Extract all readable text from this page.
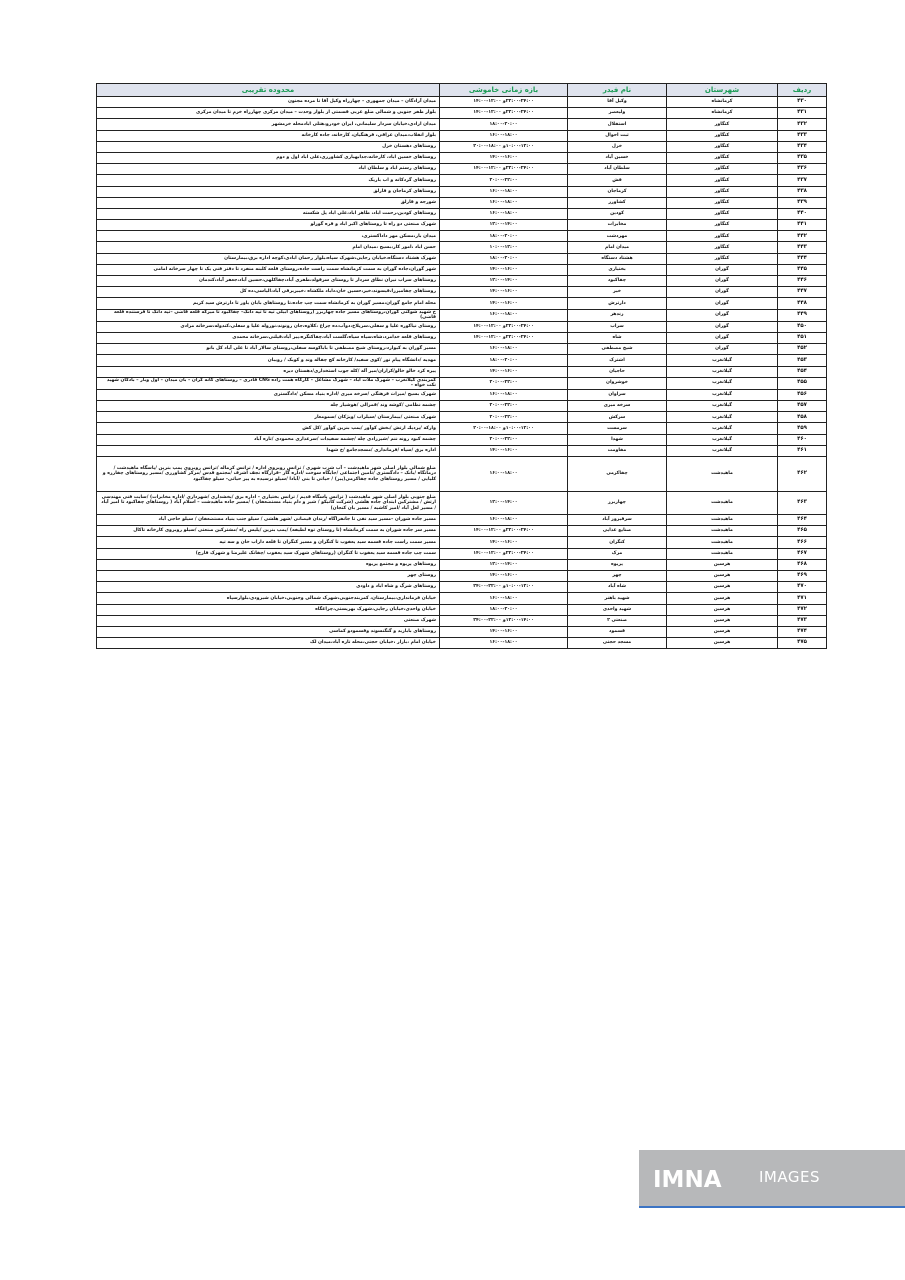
ردیف	شهرستان	نام فیدر	بازه زمانی خاموشی	محدوده تقریبی
۴۳۰	کرمانشاه	وکیل آقا	۲۲:۰۰-۲۴:۰۰و ۱۲:۰۰-۱۴:۰۰	میدان آزادگان – میدان جمهوری – چهارراه وکیل آقا تا مرده مجنون
۴۳۱	کرمانشاه	ولیعصر	۲۲:۰۰-۲۴:۰۰و ۱۲:۰۰-۱۴:۰۰	بلوار ظفر جنوبی و شمالی ضلع غربی قسمتی از بلوار وحدت – میدان مرکزی چهارراه خرم تا میدان مرکزی
۴۳۲	کنگاور	استقلال	۱۸:۰۰-۲۰:۰۰	میدان ازادی،خیابان سردار سلیمانی، ایران خودرو،هتلی ابادمحله خرمشهر
۴۳۳	کنگاور	ثبت احوال	۱۶:۰۰-۱۸:۰۰	بلوار انقلاب،میدان عراقی، فرهنگیان، کارخانه، جاده کارخانه
۴۳۴	کنگاور	خزل	۱۰:۰۰-۱۲:۰۰و ۱۸:۰۰-۲۰:۰۰	روستاهای دهستان خزل
۴۳۵	کنگاور	خسین آباد	۱۴:۰۰-۱۶:۰۰	روستاهای خسین اباد، کارخانه،جدابهیاری کشاورزی،علی اباد اول و دوم
۴۳۶	کنگاور	سلطان آباد	۲۲:۰۰-۲۴:۰۰و ۱۲:۰۰-۱۴:۰۰	روستاهای رستم اباد و سلطان اباد
۴۳۷	کنگاور	فش	۲۰:۰۰-۲۲:۰۰	روستاهای گردکانه و اب باریک
۴۳۸	کنگاور	کرماجان	۱۶:۰۰-۱۸:۰۰	روستاهای کرماجان و قارلق
۴۳۹	کنگاور	کشاورز	۱۶:۰۰-۱۸:۰۰	شورجه و قارلق
۴۴۰	کنگاور	کودین	۱۶:۰۰-۱۸:۰۰	روستاهای کودین،رحمت اباد، طاهر اباد،علی اباد پل شکسته
۴۴۱	کنگاور	مخابرات	۱۲:۰۰-۱۴:۰۰	شهرک صنعتی دو راه تا روستاهای اکبر اباد و قره گوزلو
۴۴۲	کنگاور	مهردشت	۱۸:۰۰-۲۰:۰۰	میدان بار،مسکن مهر داداکستری،
۴۴۳	کنگاور	میدان امام	۱۰:۰۰-۱۲:۰۰	حسن اباد ،امور کار،بسیج ،میدان امام
۴۴۴	کنگاور	هشتاد دستگاه	۱۸:۰۰-۲۰:۰۰	شهرک هشتاد دستگاه،خیابان رجایی،شهرک سپاه،بلوار رحمان ابادی،کوچه اداره برق،بیمارستان
۴۴۵	گوران	بختیاری	۱۴:۰۰-۱۶:۰۰	شهر گوران،جاده گوران به سمت کرمانشاه سمت راست جاده،روستای قلعه کلبنه منفرد تا دفتر فنی یک تا چهار سرخانه امامی
۴۴۶	گوران	چقاکبود	۱۲:۰۰-۱۴:۰۰	روستاهای سراب نیران نطاق سردار تا روستای سرفولد،طفری آباد،چقاکلهی،حسین آباد،جعفر آباد،کندمان
۴۴۷	گوران	خیر	۱۴:۰۰-۱۶:۰۰	روستاهای چقامیرزا،قیسوند،خیر،حسین خان،داباد ملکشاه ،خیبربرقی آباد،الیاسی،ده کل
۴۴۸	گوران	دارترش	۱۴:۰۰-۱۶:۰۰	محله امام جامع گوران،مسیر گوران به کرمانشاه سمت چپ جاده،تا روستاهای بابان یاور تا دارترش سید کریم
۴۴۹	گوران	زندهر	۱۶:۰۰-۱۸:۰۰	خ شهید شوکتی گوران،روستاهای مسیر جاده چهاربرز (روستاهای ابیلی تپه تا تپه دانگ– چقاکبود تا میرکه قلعه قاضی –تپه دانگ تا فرستنده قلعه قاضی)
۴۵۰	گوران	سراب	۲۲:۰۰-۲۴:۰۰و ۱۲:۰۰-۱۴:۰۰	روستای نیاکوره علیا و سفلی،سرپلاخ،دوآب،ده چراغ ،کلاوه،جان رونوند،نوروله علیا و سفلی،کندوله،سرخانه مرادی
۴۵۱	گوران	شاه	۲۲:۰۰-۲۴:۰۰و ۱۲:۰۰-۱۴:۰۰	روستاهای قلعه خدامرد،شاه،سیاه سیاه،گلست آباد،چقاکنگره،پیر آباد،قیلنی،سرخانه محمدی
۴۵۲	گوران	شیخ مصطفی	۱۶:۰۰-۱۸:۰۰	مسیر گوران به کیوارد،روستای شیخ مصطفی تا باباکوسه سفلی،روستای سالار آباد تا علی آباد کل بانو
۴۵۳	گیلانغرب	اشترک	۱۸:۰۰-۲۰:۰۰	مهدیه /دانشگاه پیام نور /کوی سفید/ کارخانه کچ چقاله وند و کوبک / رویبان
۴۵۴	گیلانغرب	حاجیان	۱۴:۰۰-۱۶:۰۰	پیره کرد خالو خالو/کرازان/میر آله /کله جوب استخداری/دهستان دیره
۴۵۵	گیلانغرب	خوشروان	۲۰:۰۰-۲۲:۰۰	کمربندی گیلانغرب – شهرک ملات آباد – شهرک مشاغل – کارگاه همت زاده CNG قادری – روستاهای کانه کران – بان میدان – اول وبار – بادگان شهید نکت خواه –
۴۵۶	گیلانغرب	سراوان	۱۶:۰۰-۱۸:۰۰	شهرک بسیج /میراث فرهنگی /سرخه میری /اداره بنیاد مسکن /دادگستری
۴۵۷	گیلانغرب	سرخه میری	۲۰:۰۰-۲۲:۰۰	چشمه نظامی /کوشه وند /قمرالی /هوشیار چله
۴۵۸	گیلانغرب	سرکش	۲۰:۰۰-۲۲:۰۰	شهرک صنعتی /بیمارستان /سیلزاب /ویژکان /سمومعار
۴۵۹	گیلانغرب	سرمست	۱۰:۰۰-۱۲:۰۰و ۱۸:۰۰-۲۰:۰۰	واركه /پرديك ارتش /بخش کوآور /پمپ بنزین کوآور /کل کش
۴۶۰	گیلانغرب	شهدا	۲۰:۰۰-۲۲:۰۰	چشمه کبود رونه ننم /شیرزادی چله /چشمه سفیدات /سرعذاری محمودی /تازه آباد
۴۶۱	گیلانغرب	مقاومت	۱۴:۰۰-۱۶:۰۰	اداره برق /سپاه /فرمانداری /مسجدجامع /خ شهدا
۴۶۲	ماهیدشت	چقاکرمی	۱۶:۰۰-۱۸:۰۰	ضلع شمالی بلوار اصلی شهر ماهیدشت – آب شرب شهری / ترانس روبروی اداره / ترانس کرماله /ترانس روبروی پمپ بنزین /پاسگاه ماهیدشت / درمانگاه /بانک – دادگستری /تامین اجتماعی /جایگاه سوخت /اداره گاز –قرارگاه نجف اشرف /مجتمع قدس /مرکز کشاورزی /مسیر روستاهای چقارزه و کلیایی / مسیر روستاهای جاده چقاکرمی(پیر) / حیاتی تا بنی /آبادا /سیلو نرسیده به پیر حیاتی– سیلو چقاکبود
۴۶۳	ماهیدشت	چهاربرز	۱۲:۰۰-۱۴:۰۰	ضلع جنوبی بلوار اصلی شهر ماهیدشت ( ترانس پاسگاه قدیم / ترانس بختیاری – اداره برق /بخشداری /شهرداری /اداره مخابرات) /سایت فنی مهندسی ارتش / مشترکین ابتدای جاده هلشی (شرکت کانیکو / شیر و دام بنیاد مستضعفان ) /مسیر جاده ماهیدشت – اسلام آباد ( روستاهای چقاکبود تا امیر آباد / مسیر لعل آباد /امیر کاشیه / مسیر بان کنجان)
۴۶۴	ماهیدشت	سرفیروز آباد	۱۶:۰۰-۱۸:۰۰	مسیر جاده شوران –مسیر سید نقی تا جانفزاگاه /زندان قیصانی /شهر هلشی / سیلو جنب بنیاد مستضعفان / سیلو حاجی آباد
۴۶۵	ماهیدشت	صنایع غذایی	۲۲:۰۰-۲۴:۰۰و ۱۲:۰۰-۱۴:۰۰	مسیر سر جاده شوران به سمت کرمانشاه (تا روستای توه لطیفه) /پمپ بنزین /پلیس راه /مشترکین صنعتی /سیلو روبروی کارخانه تاکال
۴۶۶	ماهیدشت	کنگران	۱۴:۰۰-۱۶:۰۰	مسیر سمت راست جاده قسمه سید یعقوب تا کنگران و مسیر کنگران تا قلعه داراب خان و سه تپه
۴۶۷	ماهیدشت	مرک	۲۲:۰۰-۲۴:۰۰و ۱۲:۰۰-۱۴:۰۰	سمت چپ جاده قسمه سید یعقوب تا کنگران (روستاهای شهرک سید یعقوب /چقانک علیرضا و شهرک فارج)
۴۶۸	هرسین	پریوه	۱۲:۰۰-۱۴:۰۰	روستاهای پریوه و مجتمع پریوه
۴۶۹	هرسین	چهر	۱۴:۰۰-۱۶:۰۰	روستای چهر
۴۷۰	هرسین	شاه آباد	۱۰:۰۰-۱۲:۰۰و ۲۲:۰۰-۲۴:۰۰	روستاهای شرگ و شاه اباد و داودی
۴۷۱	هرسین	شهید باهنر	۱۶:۰۰-۱۸:۰۰	خیابان فرمانداری،بیمارستان، کمربندجنوبی،شهرک شمالی وجنوبی،خیابان شیرودی،بلوارسپاه
۴۷۲	هرسین	شهید واحدی	۱۸:۰۰-۲۰:۰۰	خیابان واحدی،خیابان رجایی،شهرک بهزیستی،چراغگاه
۴۷۳	هرسین	صنعتی ۲	۱۲:۰۰-۱۴:۰۰و ۲۲:۰۰-۲۴:۰۰	شهرک صنعتی
۴۷۴	هرسین	قسمود	۱۴:۰۰-۱۶:۰۰	روستاهای بابازید و گنگنسوند وقسمودو کماسی
۴۷۵	هرسین	مسجد حجتی	۱۶:۰۰-۱۸:۰۰	خیابان امام ،بازار ،خیابان حجتی،محله تازه آباد،میدان لک
IMNA	IMAGES
